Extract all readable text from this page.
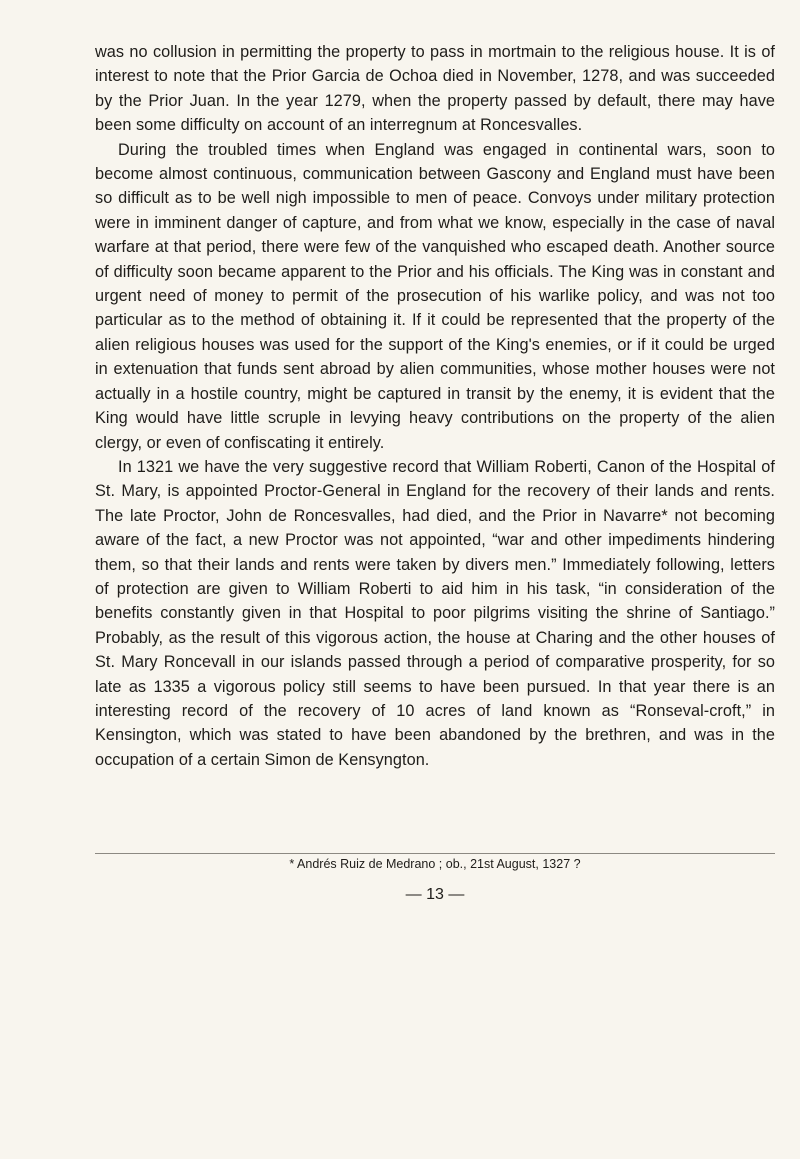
was no collusion in permitting the property to pass in mortmain to the religious house. It is of interest to note that the Prior Garcia de Ochoa died in November, 1278, and was succeeded by the Prior Juan. In the year 1279, when the property passed by default, there may have been some difficulty on account of an interregnum at Roncesvalles.

During the troubled times when England was engaged in continental wars, soon to become almost continuous, communication between Gascony and England must have been so difficult as to be well nigh impossible to men of peace. Convoys under military protection were in imminent danger of capture, and from what we know, especially in the case of naval warfare at that period, there were few of the vanquished who escaped death. Another source of difficulty soon became apparent to the Prior and his officials. The King was in constant and urgent need of money to permit of the prosecution of his warlike policy, and was not too particular as to the method of obtaining it. If it could be represented that the property of the alien religious houses was used for the support of the King's enemies, or if it could be urged in extenuation that funds sent abroad by alien communities, whose mother houses were not actually in a hostile country, might be captured in transit by the enemy, it is evident that the King would have little scruple in levying heavy contributions on the property of the alien clergy, or even of confiscating it entirely.

In 1321 we have the very suggestive record that William Roberti, Canon of the Hospital of St. Mary, is appointed Proctor-General in England for the recovery of their lands and rents. The late Proctor, John de Roncesvalles, had died, and the Prior in Navarre* not becoming aware of the fact, a new Proctor was not appointed, “war and other impediments hindering them, so that their lands and rents were taken by divers men.” Immediately following, letters of protection are given to William Roberti to aid him in his task, “in consideration of the benefits constantly given in that Hospital to poor pilgrims visiting the shrine of Santiago.” Probably, as the result of this vigorous action, the house at Charing and the other houses of St. Mary Roncevall in our islands passed through a period of comparative prosperity, for so late as 1335 a vigorous policy still seems to have been pursued. In that year there is an interesting record of the recovery of 10 acres of land known as “Ronseval-croft,” in Kensington, which was stated to have been abandoned by the brethren, and was in the occupation of a certain Simon de Kensyngton.

* Andrés Ruiz de Medrano ; ob., 21st August, 1327 ?
— 13 —
